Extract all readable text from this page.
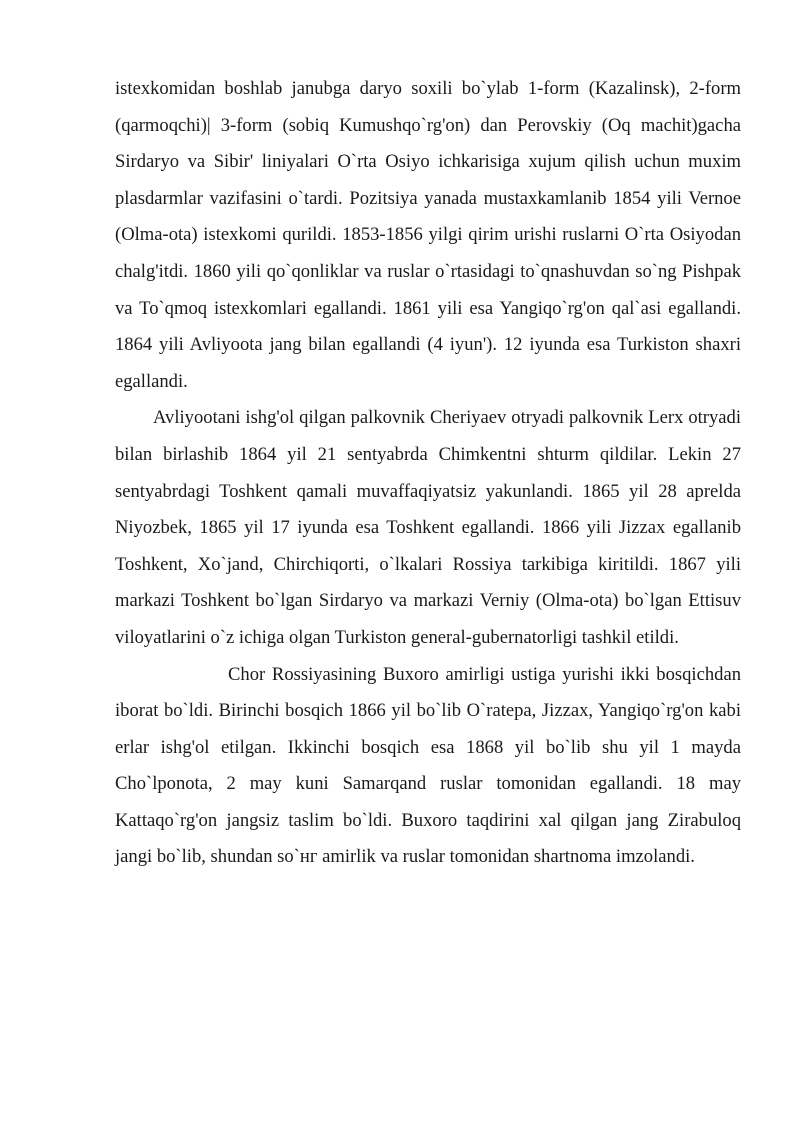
istexkomidan boshlab janubga daryo soxili bo`ylab 1-form (Kazalinsk), 2-form (qarmoqchi)| 3-form (sobiq Kumushqo`rg'on) dan Perovskiy (Oq machit)gacha Sirdaryo va Sibir' liniyalari O`rta Osiyo ichkarisiga xujum qilish uchun muxim plasdarmlar vazifasini o`tardi. Pozitsiya yanada mustaxkamlanib 1854 yili Vernoe (Olma-ota) istexkomi qurildi. 1853-1856 yilgi qirim urishi ruslarni O`rta Osiyodan chalg'itdi. 1860 yili qo`qonliklar va ruslar o`rtasidagi to`qnashuvdan so`ng Pishpak va To`qmoq istexkomlari egallandi. 1861 yili esa Yangiqo`rg'on qal`asi egallandi. 1864 yili Avliyoota jang bilan egallandi (4 iyun'). 12 iyunda esa Turkiston shaxri egallandi.

Avliyootani ishg'ol qilgan palkovnik Cheriyaev otryadi palkovnik Lerx otryadi bilan birlashib 1864 yil 21 sentyabrda Chimkentni shturm qildilar. Lekin 27 sentyabrdagi Toshkent qamali muvaffaqiyatsiz yakunlandi. 1865 yil 28 aprelda Niyozbek, 1865 yil 17 iyunda esa Toshkent egallandi. 1866 yili Jizzax egallanib Toshkent, Xo`jand, Chirchiqorti, o`lkalari Rossiya tarkibiga kiritildi. 1867 yili markazi Toshkent bo`lgan Sirdaryo va markazi Verniy (Olma-ota) bo`lgan Ettisuv viloyatlarini o`z ichiga olgan Turkiston general-gubernatorligi tashkil etildi.

Chor Rossiyasining Buxoro amirligi ustiga yurishi ikki bosqichdan iborat bo`ldi. Birinchi bosqich 1866 yil bo`lib O`ratepa, Jizzax, Yangiqo`rg'on kabi erlar ishg'ol etilgan. Ikkinchi bosqich esa 1868 yil bo`lib shu yil 1 mayda Cho`lponota, 2 may kuni Samarqand ruslar tomonidan egallandi. 18 may Kattaqo`rg'on jangsiz taslim bo`ldi. Buxoro taqdirini xal qilgan jang Zirabuloq jangi bo`lib, shundan so`нг amirlik va ruslar tomonidan shartnoma imzolandi.
